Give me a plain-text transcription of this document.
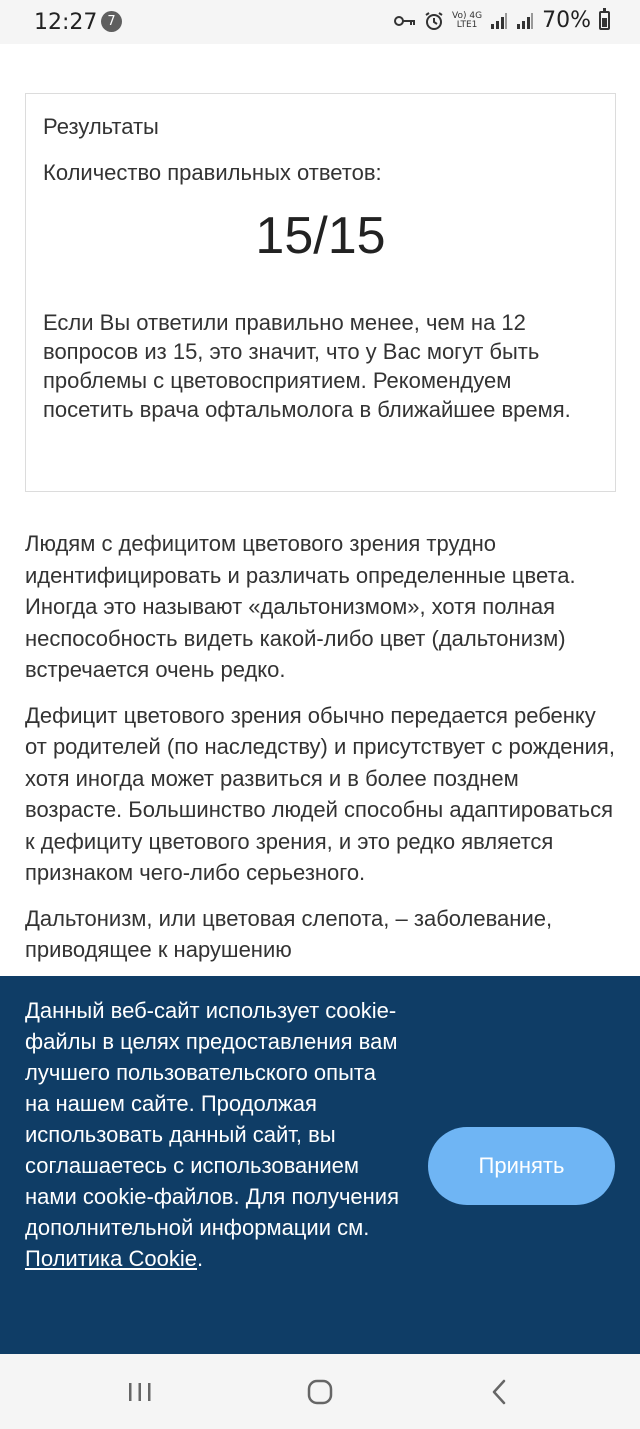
12:27 7	Vo) 4G
LTE1	70%
Результаты
Количество правильных ответов:
15/15
Если Вы ответили правильно менее, чем на 12 вопросов из 15, это значит, что у Вас могут быть проблемы с цветовосприятием. Рекомендуем посетить врача офтальмолога в ближайшее время.

Людям с дефицитом цветового зрения трудно идентифицировать и различать определенные цвета. Иногда это называют «дальтонизмом», хотя полная неспособность видеть какой-либо цвет (дальтонизм) встречается очень редко.

Дефицит цветового зрения обычно передается ребенку от родителей (по наследству) и присутствует с рождения, хотя иногда может развиться и в более позднем возрасте. Большинство людей способны адаптироваться к дефициту цветового зрения, и это редко является признаком чего-либо серьезного.

Дальтонизм, или цветовая слепота, – заболевание, приводящее к нарушению

Данный веб-сайт использует cookie-файлы в целях предоставления вам лучшего пользовательского опыта на нашем сайте. Продолжая использовать данный сайт, вы соглашаетесь с использованием нами cookie-файлов. Для получения дополнительной информации см. Политика Cookie.
Принять
